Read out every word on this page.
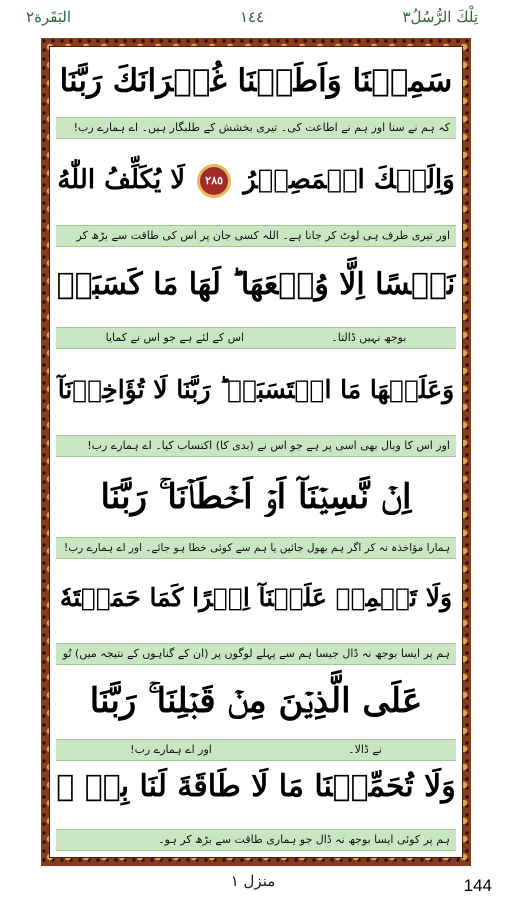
البَقَرة٢	١٤٤	تِلْكَ الرُّسُلُ٣
سَمِعۡنَا وَاَطَعۡنَا غُفۡرَانَكَ رَبَّنَا
کہ ہم نے سنا اور ہم نے اطاعت کی۔ تیری بخشش کے طلبگار ہیں۔ اے ہمارے رب!
وَاِلَيۡكَ الۡمَصِيۡرُ ٢٨٥ لَا يُكَلِّفُ اللّٰهُ
اور تیری طرف ہی لوٹ کر جانا ہے۔ اللہ کسی جان پر اس کی طاقت سے بڑھ کر
نَفۡسًا اِلَّا وُسۡعَهَا ؕ لَهَا مَا كَسَبَتۡ
بوجھ نہیں ڈالتا۔
اس کے لئے ہے جو اس نے کمایا
وَعَلَيۡهَا مَا اكۡتَسَبَتۡ ؕ رَبَّنَا لَا تُؤَاخِذۡنَآ
اور اس کا وبال بھی اسی پر ہے جو اس نے (بدی کا) اکتساب کیا۔ اے ہمارے رب!
اِنۡ نَّسِيۡنَآ اَوۡ اَخۡطَاۡنَا ۚ رَبَّنَا
ہمارا مؤاخذہ نہ کر اگر ہم بھول جائیں یا ہم سے کوئی خطا ہو جائے۔ اور اے ہمارے رب!
وَلَا تَحۡمِلۡ عَلَيۡنَآ اِصۡرًا كَمَا حَمَلۡتَهٗ
ہم پر ایسا بوجھ نہ ڈال جیسا ہم سے پہلے لوگوں پر (ان کے گناہوں کے نتیجہ میں) تُو
عَلَى الَّذِيۡنَ مِنۡ قَبۡلِنَا ۚ رَبَّنَا
نے ڈالا۔
اور اے ہمارے رب!
وَلَا تُحَمِّلۡنَا مَا لَا طَاقَةَ لَنَا بِهٖ ۚ
ہم پر کوئی ایسا بوجھ نہ ڈال جو ہماری طاقت سے بڑھ کر ہو۔
منزل ١	144
